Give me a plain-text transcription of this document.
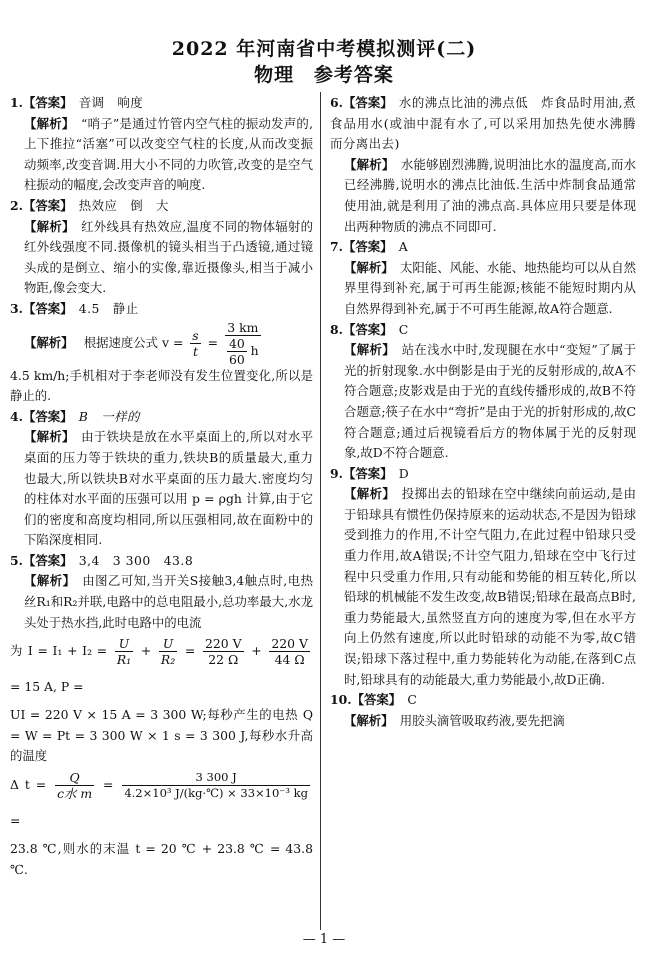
2022 年河南省中考模拟测评(二)
物理 参考答案
1.【答案】　 音调　响度
【解析】　 “哨子”是通过竹管内空气柱的振动发声的,上下推拉“活塞”可以改变空气柱的长度,从而改变振动频率,改变音调.用大小不同的力吹管,改变的是空气柱振动的幅度,会改变声音的响度.
2.【答案】　 热效应　倒　大
【解析】　 红外线具有热效应,温度不同的物体辐射的红外线强度不同.摄像机的镜头相当于凸透镜,通过镜头成的是倒立、缩小的实像,靠近摄像头,相当于减小物距,像会变大.
3.【答案】　 4.5　静止
【解析】　 根据速度公式 $v = \frac{s}{t} = \frac{3 km}{\frac{40}{60} h}$
4.5 km/h;手机相对于李老师没有发生位置变化,所以是静止的.
4.【答案】　 B　一样的
【解析】　 由于铁块是放在水平桌面上的,所以对水平桌面的压力等于铁块的重力,铁块B的质量最大,重力也最大,所以铁块B对水平桌面的压力最大.密度均匀的柱体对水平面的压强可以用 p = ρgh 计算,由于它们的密度和高度均相同,所以压强相同,故在面粉中的下陷深度相同.
5.【答案】　 3,4　3 300　43.8
【解析】　 由图乙可知,当开关S接触3,4触点时,电热丝R₁和R₂并联,电路中的总电阻最小,总功率最大,水龙头处于热水挡,此时电路中的电流
为 $I = I_1 + I_2 = \frac{U}{\text{R₁}} + \frac{U}{\text{R₂}} = \frac{220 V}{22 \Omega} + \frac{220 V}{44 \Omega}$
= 15 A, P =
UI = 220 V × 15 A = 3 300 W;每秒产生的电热 Q = W = Pt = 3 300 W × 1 s = 3 300 J,每秒水升高的温度
Δ $t = \frac{Q}{\text{c水 m}} = \frac{3 300 J}{\text{4.2×10³ J/(kg·℃) × 33×10⁻³ kg}}$
=
23.8 ℃,则水的末温 t = 20 ℃ + 23.8 ℃ = 43.8 ℃.
6.【答案】　 水的沸点比油的沸点低　炸食品时用油,煮食品用水(或油中混有水了,可以采用加热先使水沸腾而分离出去)
【解析】　 水能够剧烈沸腾,说明油比水的温度高,而水已经沸腾,说明水的沸点比油低.生活中炸制食品通常使用油,就是利用了油的沸点高.具体应用只要是体现出两种物质的沸点不同即可.
7.【答案】　 A
【解析】　 太阳能、风能、水能、地热能均可以从自然界里得到补充,属于可再生能源;核能不能短时期内从自然界得到补充,属于不可再生能源,故A符合题意.
8.【答案】　 C
【解析】　 站在浅水中时,发现腿在水中“变短”了属于光的折射现象.水中倒影是由于光的反射形成的,故A不符合题意;皮影戏是由于光的直线传播形成的,故B不符合题意;筷子在水中“弯折”是由于光的折射形成的,故C符合题意;通过后视镜看后方的物体属于光的反射现象,故D不符合题意.
9.【答案】　 D
【解析】　 投掷出去的铅球在空中继续向前运动,是由于铅球具有惯性仍保持原来的运动状态,不是因为铅球受到推力的作用,不计空气阻力,在此过程中铅球只受重力作用,故A错误;不计空气阻力,铅球在空中飞行过程中只受重力作用,只有动能和势能的相互转化,所以铅球的机械能不发生改变,故B错误;铅球在最高点B时,重力势能最大,虽然竖直方向的速度为零,但在水平方向上仍然有速度,所以此时铅球的动能不为零,故C错误;铅球下落过程中,重力势能转化为动能,在落到C点时,铅球具有的动能最大,重力势能最小,故D正确.
10.【答案】　 C
【解析】　 用胶头滴管吸取药液,要先把滴
— 1 —
